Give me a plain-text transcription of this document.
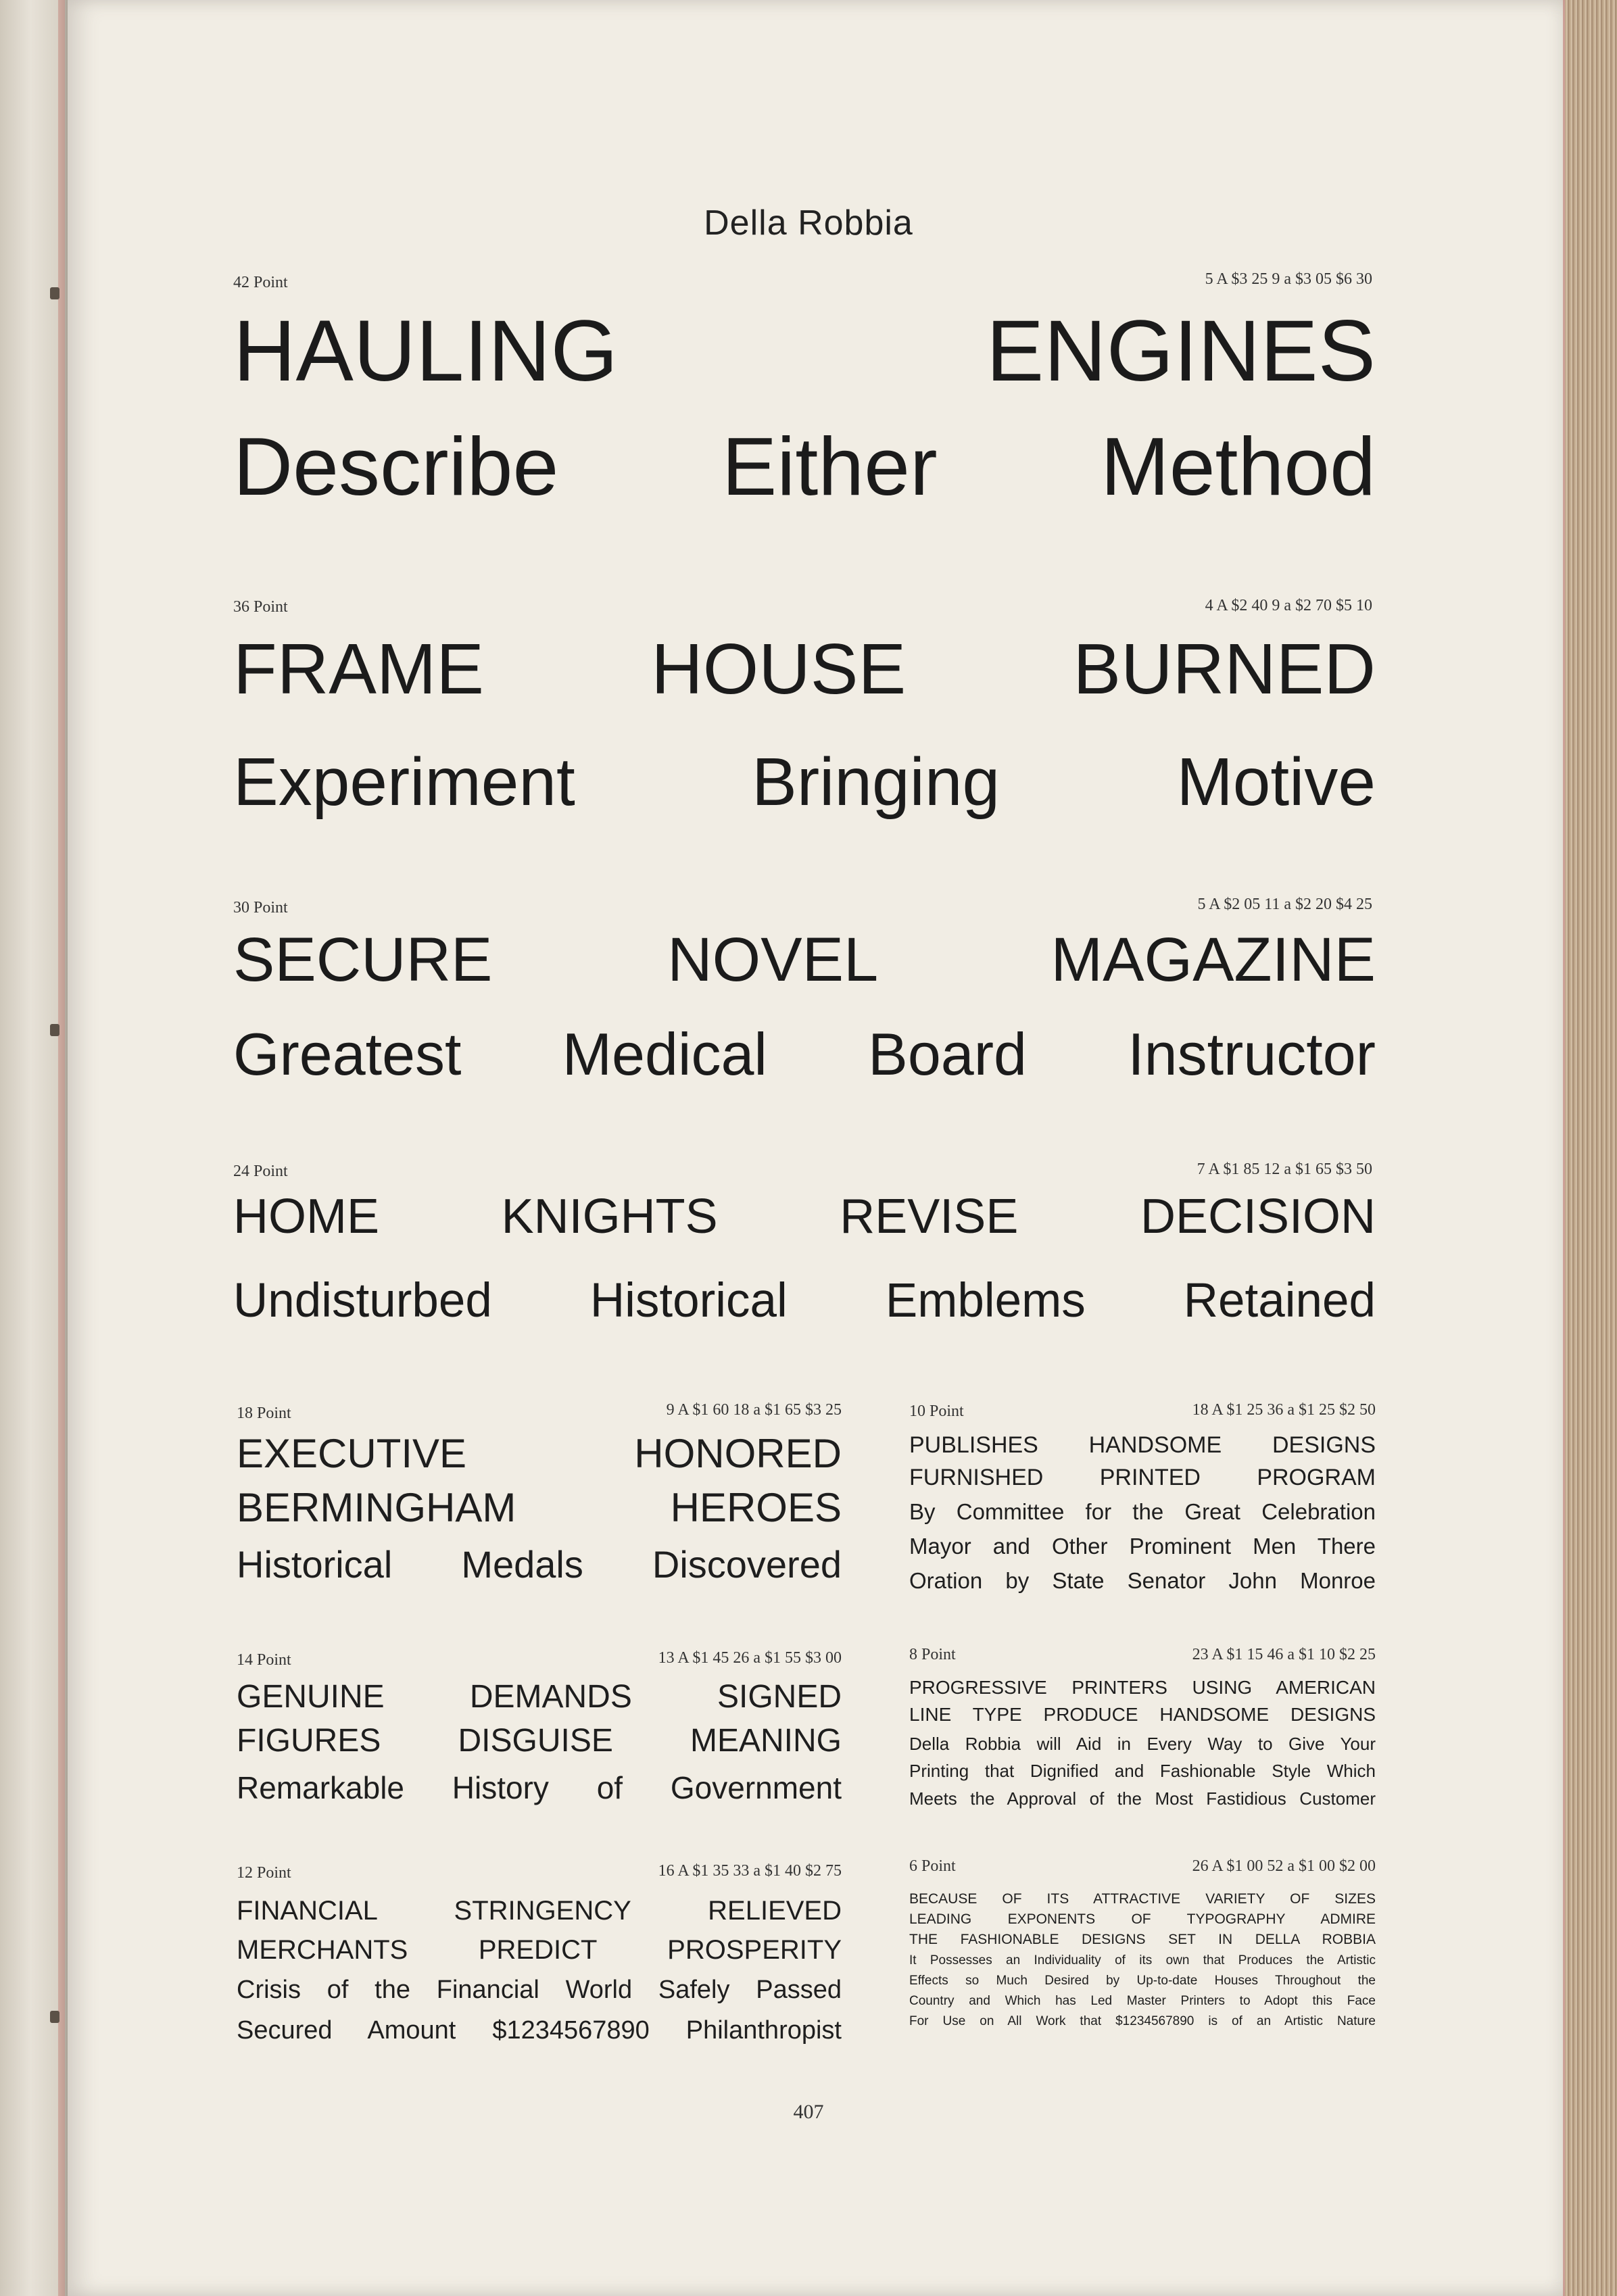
Della Robbia
42 Point	5 A $3 25 9 a $3 05 $6 30
HAULING ENGINES
Describe Either Method
36 Point	4 A $2 40 9 a $2 70 $5 10
FRAME HOUSE BURNED
Experiment Bringing Motive
30 Point	5 A $2 05 11 a $2 20 $4 25
SECURE NOVEL MAGAZINE
Greatest Medical Board Instructor
24 Point	7 A $1 85 12 a $1 65 $3 50
HOME KNIGHTS REVISE DECISION
Undisturbed Historical Emblems Retained
18 Point	9 A $1 60 18 a $1 65 $3 25
EXECUTIVE HONORED
BERMINGHAM HEROES
Historical Medals Discovered
14 Point	13 A $1 45 26 a $1 55 $3 00
GENUINE DEMANDS SIGNED
FIGURES DISGUISE MEANING
Remarkable History of Government
12 Point	16 A $1 35 33 a $1 40 $2 75
FINANCIAL STRINGENCY RELIEVED
MERCHANTS PREDICT PROSPERITY
Crisis of the Financial World Safely Passed
Secured Amount $1234567890 Philanthropist
10 Point	18 A $1 25 36 a $1 25 $2 50
PUBLISHES HANDSOME DESIGNS
FURNISHED PRINTED PROGRAM
By Committee for the Great Celebration
Mayor and Other Prominent Men There
Oration by State Senator John Monroe
8 Point	23 A $1 15 46 a $1 10 $2 25
PROGRESSIVE PRINTERS USING AMERICAN
LINE TYPE PRODUCE HANDSOME DESIGNS
Della Robbia will Aid in Every Way to Give Your
Printing that Dignified and Fashionable Style Which
Meets the Approval of the Most Fastidious Customer
6 Point	26 A $1 00 52 a $1 00 $2 00
BECAUSE OF ITS ATTRACTIVE VARIETY OF SIZES
LEADING EXPONENTS OF TYPOGRAPHY ADMIRE
THE FASHIONABLE DESIGNS SET IN DELLA ROBBIA
It Possesses an Individuality of its own that Produces the Artistic
Effects so Much Desired by Up-to-date Houses Throughout the
Country and Which has Led Master Printers to Adopt this Face
For Use on All Work that $1234567890 is of an Artistic Nature
407
